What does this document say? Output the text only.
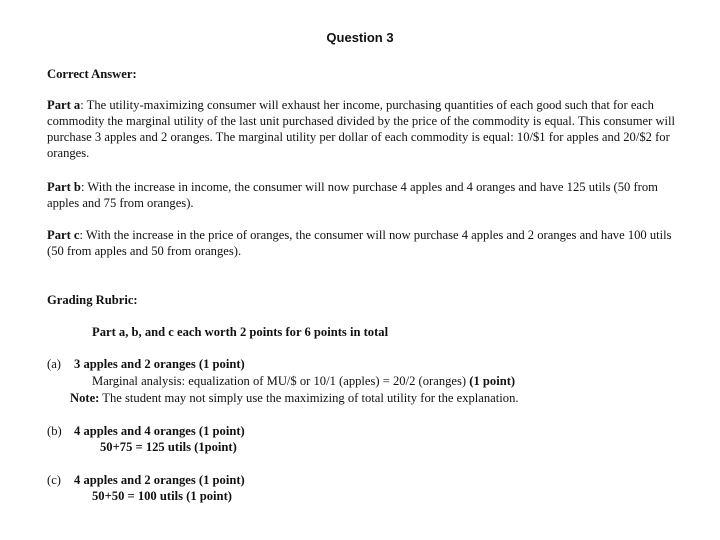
Question 3

Correct Answer:

Part a: The utility-maximizing consumer will exhaust her income, purchasing quantities of each good such that for each commodity the marginal utility of the last unit purchased divided by the price of the commodity is equal. This consumer will purchase 3 apples and 2 oranges. The marginal utility per dollar of each commodity is equal: 10/$1 for apples and 20/$2 for oranges.

Part b: With the increase in income, the consumer will now purchase 4 apples and 4 oranges and have 125 utils (50 from apples and 75 from oranges).

Part c: With the increase in the price of oranges, the consumer will now purchase 4 apples and 2 oranges and have 100 utils (50 from apples and 50 from oranges).

Grading Rubric:

Part a, b, and c each worth 2 points for 6 points in total

(a) 3 apples and 2 oranges (1 point)

Marginal analysis: equalization of MU/$ or 10/1 (apples) = 20/2 (oranges) (1 point)

Note: The student may not simply use the maximizing of total utility for the explanation.

(b) 4 apples and 4 oranges (1 point)

50+75 = 125 utils (1point)

(c) 4 apples and 2 oranges (1 point)

50+50 = 100 utils (1 point)
